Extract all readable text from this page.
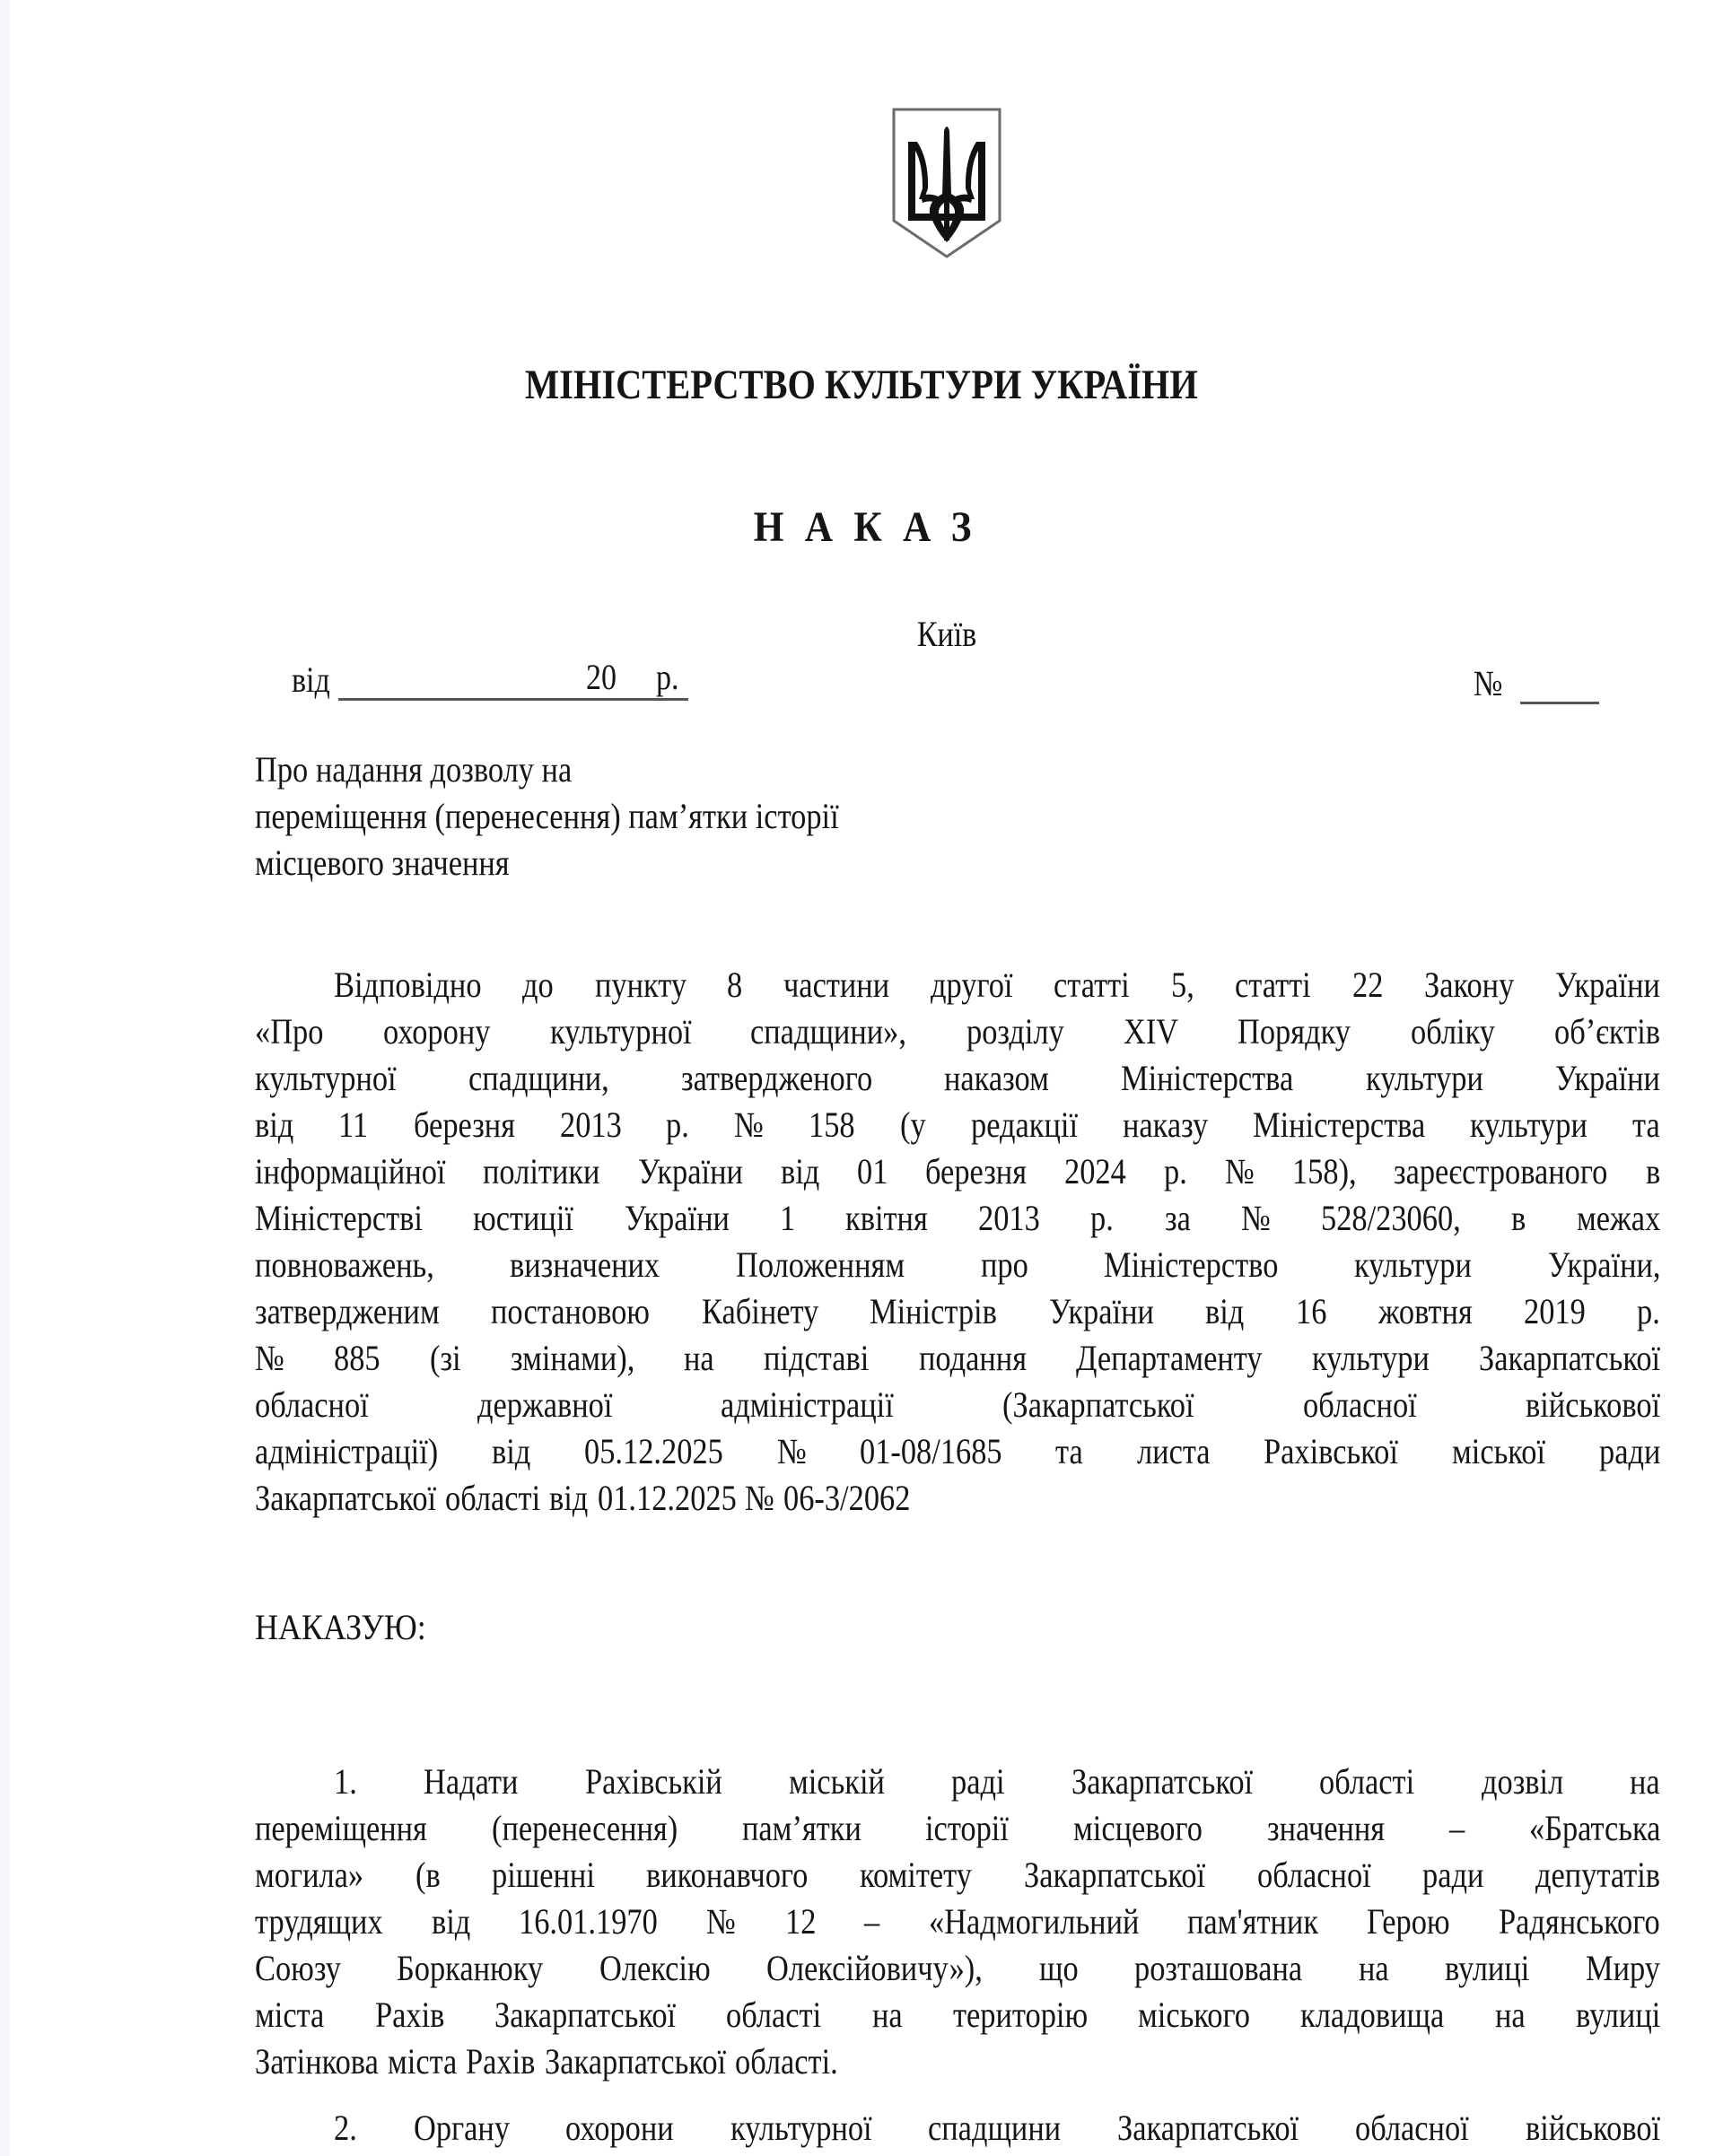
МІНІСТЕРСТВО КУЛЬТУРИ УКРАЇНИ
НАКАЗ
Київ
від	20 р.	№
Про надання дозволу на
переміщення (перенесення) пам’ятки історії
місцевого значення
Відповідно до пункту 8 частини другої статті 5, статті 22 Закону України
«Про охорону культурної спадщини», розділу XIV Порядку обліку об’єктів
культурної спадщини, затвердженого наказом Міністерства культури України
від 11 березня 2013 р. № 158 (у редакції наказу Міністерства культури та
інформаційної політики України від 01 березня 2024 р. № 158), зареєстрованого в
Міністерстві юстиції України 1 квітня 2013 р. за № 528/23060, в межах
повноважень, визначених Положенням про Міністерство культури України,
затвердженим постановою Кабінету Міністрів України від 16 жовтня 2019 р.
№ 885 (зі змінами), на підставі подання Департаменту культури Закарпатської
обласної	державної	адміністрації	(Закарпатської	обласної	військової
адміністрації) від 05.12.2025 № 01-08/1685 та листа Рахівської міської ради
Закарпатської області від 01.12.2025 № 06-3/2062
НАКАЗУЮ:
1. Надати Рахівській міській раді Закарпатської області дозвіл на
переміщення (перенесення) пам’ятки історії місцевого значення – «Братська
могила» (в рішенні виконавчого комітету Закарпатської обласної ради депутатів
трудящих від 16.01.1970 № 12 – «Надмогильний пам'ятник Герою Радянського
Союзу Борканюку Олексію Олексійовичу»), що розташована на вулиці Миру
міста Рахів Закарпатської області на територію міського кладовища на вулиці
Затінкова міста Рахів Закарпатської області.
2. Органу охорони культурної спадщини Закарпатської обласної військової
